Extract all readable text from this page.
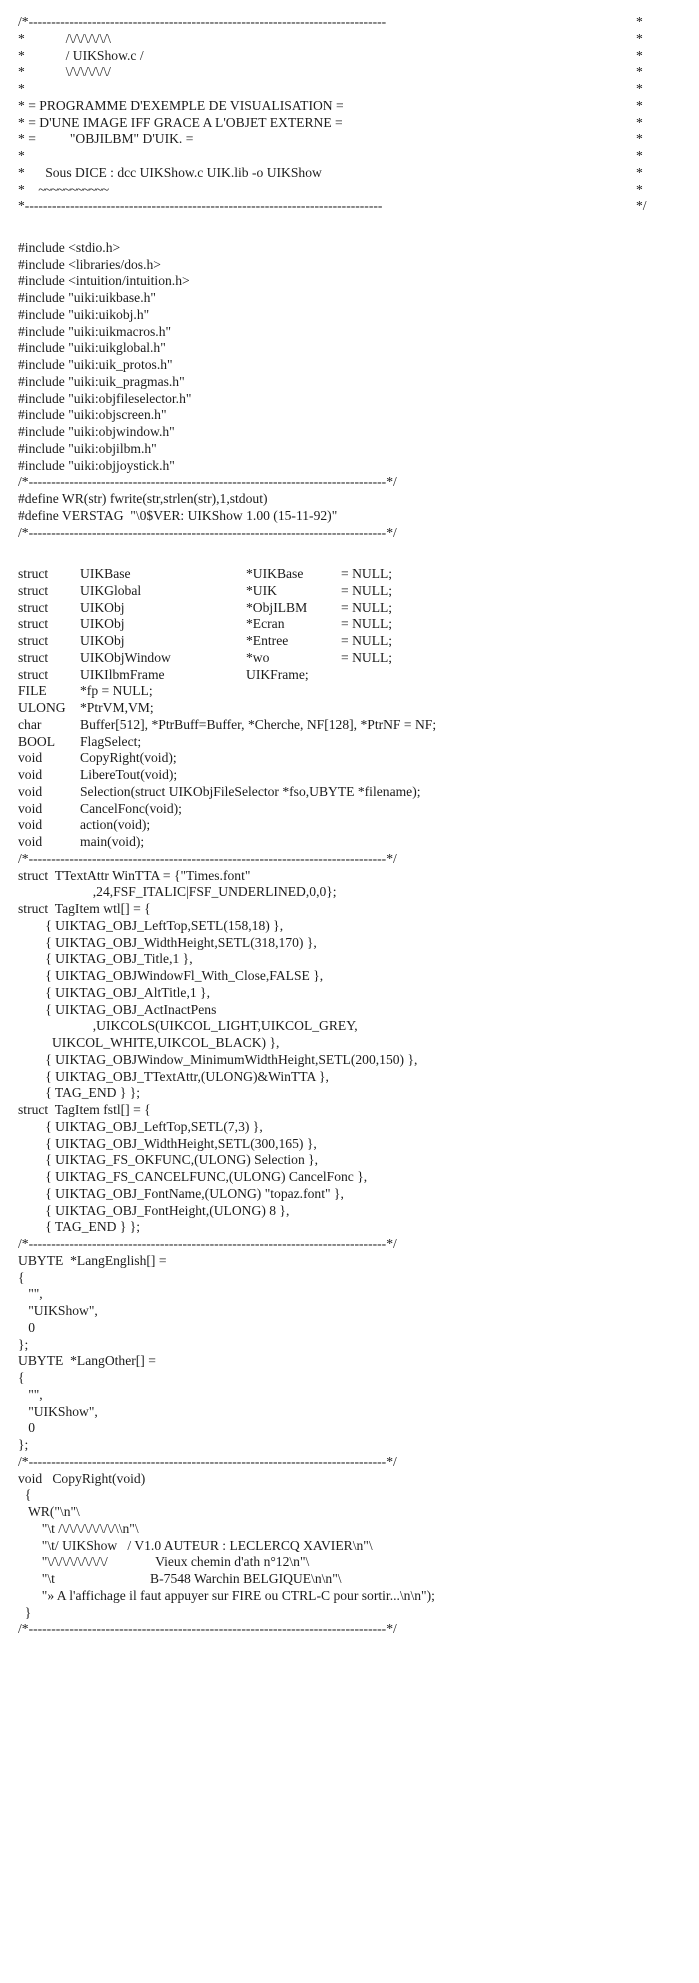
/*-------------------------------------------------------------------------------	*
*            /\/\/\/\/\/\	*
*            / UIKShow.c /	*
*            \/\/\/\/\/\/	*
*	*
* = PROGRAMME D'EXEMPLE DE VISUALISATION =	*
* = D'UNE IMAGE IFF GRACE A L'OBJET EXTERNE =	*
* =          "OBJILBM" D'UIK. =	*
*	*
*      Sous DICE : dcc UIKShow.c UIK.lib -o UIKShow	*
*      ~~~~~~~~~~~	*
*-------------------------------------------------------------------------------	*/
#include <stdio.h>
#include <libraries/dos.h>
#include <intuition/intuition.h>
#include "uiki:uikbase.h"
#include "uiki:uikobj.h"
#include "uiki:uikmacros.h"
#include "uiki:uikglobal.h"
#include "uiki:uik_protos.h"
#include "uiki:uik_pragmas.h"
#include "uiki:objfileselector.h"
#include "uiki:objscreen.h"
#include "uiki:objwindow.h"
#include "uiki:objilbm.h"
#include "uiki:objjoystick.h"
/*-------------------------------------------------------------------------------*/
#define WR(str) fwrite(str,strlen(str),1,stdout)
#define VERSTAG  "\0$VER: UIKShow 1.00 (15-11-92)"
/*-------------------------------------------------------------------------------*/
struct UIKBase	*UIKBase	= NULL;
struct UIKGlobal	*UIK	= NULL;
struct UIKObj	*ObjILBM = NULL;
struct UIKObj	*Ecran	= NULL;
struct UIKObj	*Entree	= NULL;
struct UIKObjWindow	*wo	= NULL;
struct UIKIlbmFrame	UIKFrame;
FILE *fp = NULL;
ULONG *PtrVM,VM;
char	Buffer[512], *PtrBuff=Buffer, *Cherche, NF[128], *PtrNF = NF;
BOOL FlagSelect;
void	CopyRight(void);
void	LibereTout(void);
void	Selection(struct UIKObjFileSelector *fso,UBYTE *filename);
void	CancelFonc(void);
void	action(void);
void	main(void);
/*-------------------------------------------------------------------------------*/
struct  TTextAttr WinTTA = {"Times.font"
,24,FSF_ITALIC|FSF_UNDERLINED,0,0};
struct  TagItem wtl[] = {
{ UIKTAG_OBJ_LeftTop,SETL(158,18) },
{ UIKTAG_OBJ_WidthHeight,SETL(318,170) },
{ UIKTAG_OBJ_Title,1 },
{ UIKTAG_OBJWindowFl_With_Close,FALSE },
{ UIKTAG_OBJ_AltTitle,1 },
{ UIKTAG_OBJ_ActInactPens
,UIKCOLS(UIKCOL_LIGHT,UIKCOL_GREY,
UIKCOL_WHITE,UIKCOL_BLACK) },
{ UIKTAG_OBJWindow_MinimumWidthHeight,SETL(200,150) },
{ UIKTAG_OBJ_TTextAttr,(ULONG)&WinTTA },
{ TAG_END } };
struct  TagItem fstl[] = {
{ UIKTAG_OBJ_LeftTop,SETL(7,3) },
{ UIKTAG_OBJ_WidthHeight,SETL(300,165) },
{ UIKTAG_FS_OKFUNC,(ULONG) Selection },
{ UIKTAG_FS_CANCELFUNC,(ULONG) CancelFonc },
{ UIKTAG_OBJ_FontName,(ULONG) "topaz.font" },
{ UIKTAG_OBJ_FontHeight,(ULONG) 8 },
{ TAG_END } };
/*-------------------------------------------------------------------------------*/
UBYTE  *LangEnglish[] =
{
"",
"UIKShow",
0
};
UBYTE  *LangOther[] =
{
"",
"UIKShow",
0
};
/*-------------------------------------------------------------------------------*/
void   CopyRight(void)
{
WR("\n"\
"\t /\/\/\/\/\/\/\/\\n"\
"\t/ UIKShow   / V1.0 AUTEUR : LECLERCQ XAVIER\n"\
"\/\/\/\/\/\/\/\/              Vieux chemin d'ath n°12\n"\
"\t                            B-7548 Warchin BELGIQUE\n\n"\
"» A l'affichage il faut appuyer sur FIRE ou CTRL-C pour sortir...\n\n");
}
/*-------------------------------------------------------------------------------*/
